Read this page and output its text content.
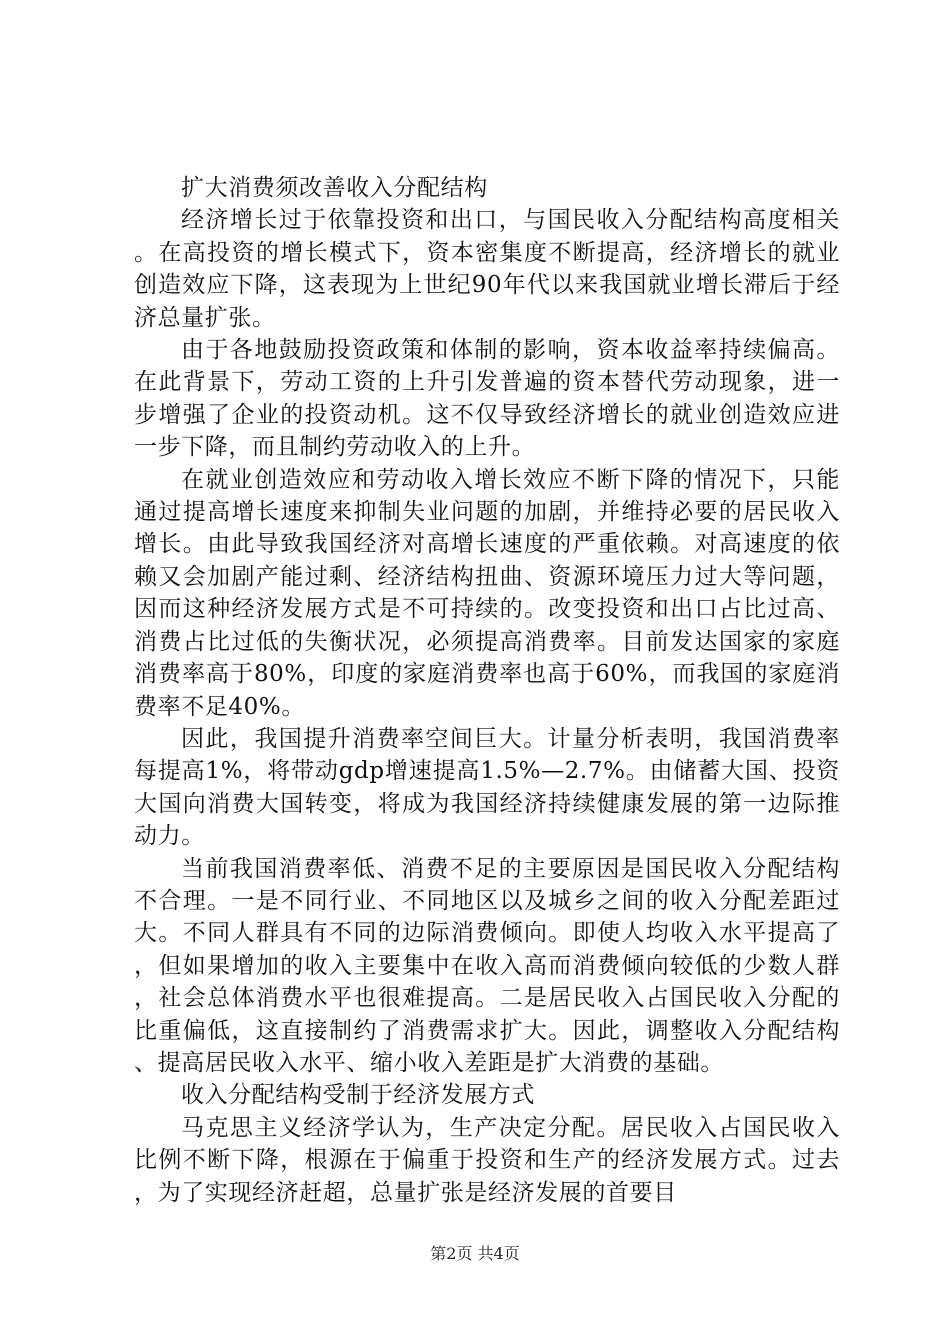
扩大消费须改善收入分配结构

经济增长过于依靠投资和出口，与国民收入分配结构高度相关。在高投资的增长模式下，资本密集度不断提高，经济增长的就业创造效应下降，这表现为上世纪90年代以来我国就业增长滞后于经济总量扩张。

由于各地鼓励投资政策和体制的影响，资本收益率持续偏高。在此背景下，劳动工资的上升引发普遍的资本替代劳动现象，进一步增强了企业的投资动机。这不仅导致经济增长的就业创造效应进一步下降，而且制约劳动收入的上升。

在就业创造效应和劳动收入增长效应不断下降的情况下，只能通过提高增长速度来抑制失业问题的加剧，并维持必要的居民收入增长。由此导致我国经济对高增长速度的严重依赖。对高速度的依赖又会加剧产能过剩、经济结构扭曲、资源环境压力过大等问题，因而这种经济发展方式是不可持续的。改变投资和出口占比过高、消费占比过低的失衡状况，必须提高消费率。目前发达国家的家庭消费率高于80%，印度的家庭消费率也高于60%，而我国的家庭消费率不足40%。

因此，我国提升消费率空间巨大。计量分析表明，我国消费率每提高1%，将带动gdp增速提高1.5%—2.7%。由储蓄大国、投资大国向消费大国转变，将成为我国经济持续健康发展的第一边际推动力。

当前我国消费率低、消费不足的主要原因是国民收入分配结构不合理。一是不同行业、不同地区以及城乡之间的收入分配差距过大。不同人群具有不同的边际消费倾向。即使人均收入水平提高了，但如果增加的收入主要集中在收入高而消费倾向较低的少数人群，社会总体消费水平也很难提高。二是居民收入占国民收入分配的比重偏低，这直接制约了消费需求扩大。因此，调整收入分配结构、提高居民收入水平、缩小收入差距是扩大消费的基础。

收入分配结构受制于经济发展方式

马克思主义经济学认为，生产决定分配。居民收入占国民收入比例不断下降，根源在于偏重于投资和生产的经济发展方式。过去，为了实现经济赶超，总量扩张是经济发展的首要目

第2页 共4页
